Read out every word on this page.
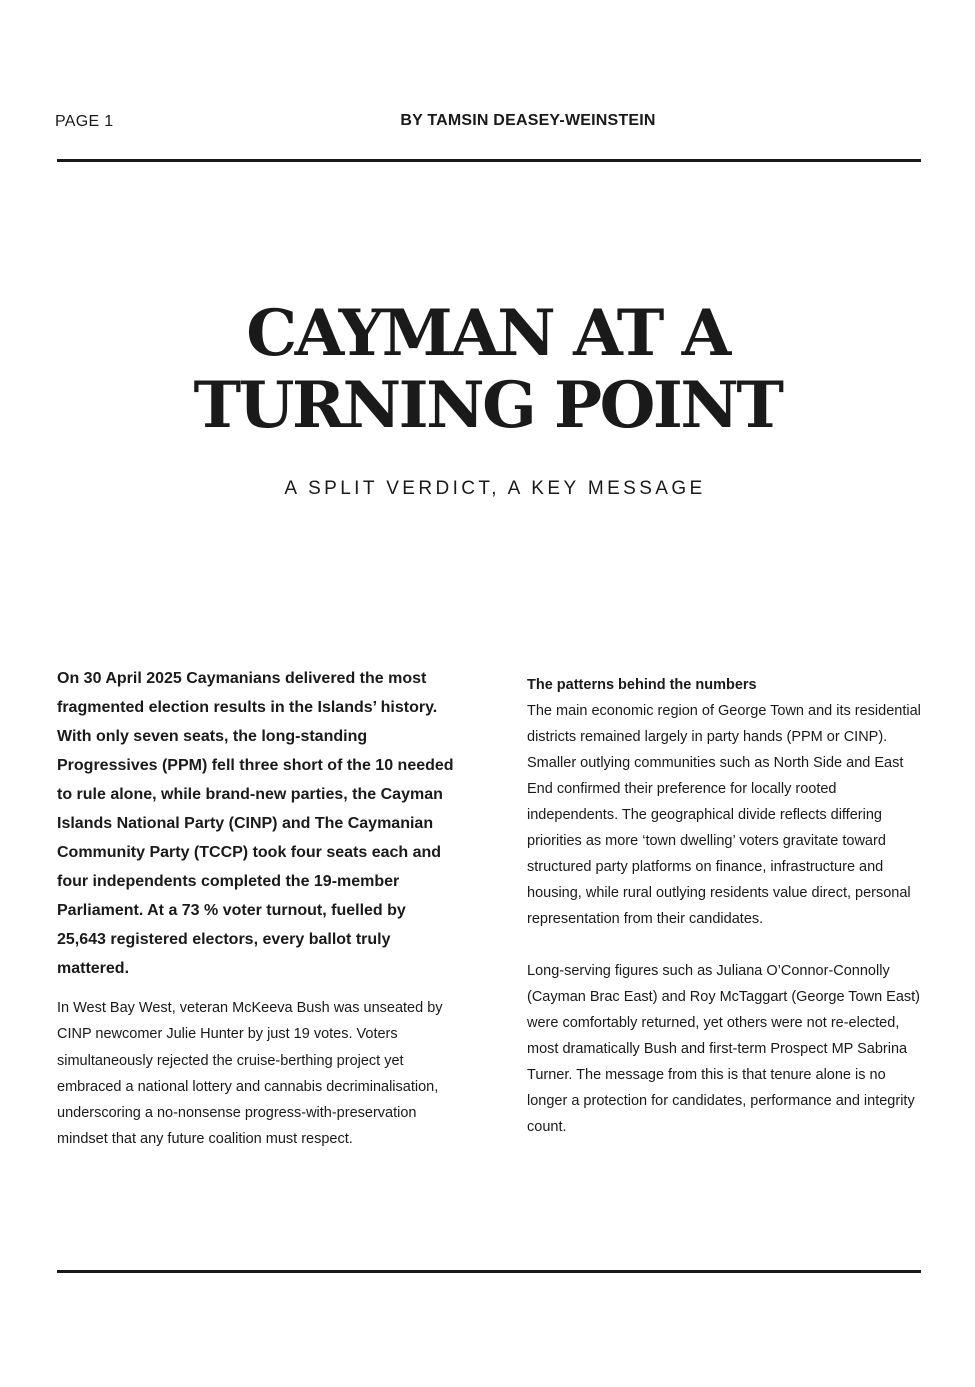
PAGE 1	BY TAMSIN DEASEY-WEINSTEIN
CAYMAN AT A
TURNING POINT
A SPLIT VERDICT, A KEY MESSAGE

On 30 April 2025 Caymanians delivered the most fragmented election results in the Islands’ history. With only seven seats, the long-standing Progressives (PPM) fell three short of the 10 needed to rule alone, while brand-new parties, the Cayman Islands National Party (CINP) and The Caymanian Community Party (TCCP) took four seats each and four independents completed the 19-member Parliament. At a 73 % voter turnout, fuelled by 25,643 registered electors, every ballot truly mattered.

In West Bay West, veteran McKeeva Bush was unseated by CINP newcomer Julie Hunter by just 19 votes. Voters simultaneously rejected the cruise-berthing project yet embraced a national lottery and cannabis decriminalisation, underscoring a no-nonsense progress-with-preservation mindset that any future coalition must respect.

The patterns behind the numbers

The main economic region of George Town and its residential districts remained largely in party hands (PPM or CINP). Smaller outlying communities such as North Side and East End confirmed their preference for locally rooted independents. The geographical divide reflects differing priorities as more ‘town dwelling’ voters gravitate toward structured party platforms on finance, infrastructure and housing, while rural outlying residents value direct, personal representation from their candidates.

Long-serving figures such as Juliana O’Connor-Connolly (Cayman Brac East) and Roy McTaggart (George Town East) were comfortably returned, yet others were not re-elected, most dramatically Bush and first-term Prospect MP Sabrina Turner. The message from this is that tenure alone is no longer a protection for candidates, performance and integrity count.
